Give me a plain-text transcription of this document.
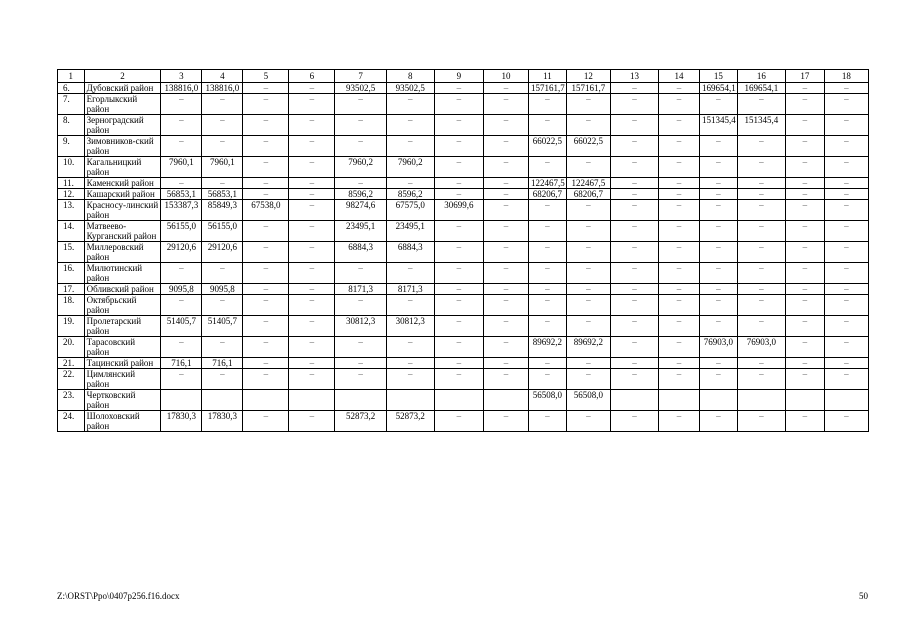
1	2	3	4	5	6	7	8	9	10	11	12	13	14	15	16	17	18
6.	Дубовский район	138816,0	138816,0	–	–	93502,5	93502,5	–	–	157161,7	157161,7	–	–	169654,1	169654,1	–	–
7.	Егорлыкский район	–	–	–	–	–	–	–	–	–	–	–	–	–	–	–	–
8.	Зерноградский район	–	–	–	–	–	–	–	–	–	–	–	–	151345,4	151345,4	–	–
9.	Зимовников-ский район	–	–	–	–	–	–	–	–	66022,5	66022,5	–	–	–	–	–	–
10.	Кагальницкий район	7960,1	7960,1	–	–	7960,2	7960,2	–	–	–	–	–	–	–	–	–	–
11.	Каменский район	–	–	–	–	–	–	–	–	122467,5	122467,5	–	–	–	–	–	–
12.	Кашарский район	56853,1	56853,1	–	–	8596,2	8596,2	–	–	68206,7	68206,7	–	–	–	–	–	–
13.	Красносу-линский район	153387,3	85849,3	67538,0	–	98274,6	67575,0	30699,6	–	–	–	–	–	–	–	–	–
14.	Матвеево-Курганский район	56155,0	56155,0	–	–	23495,1	23495,1	–	–	–	–	–	–	–	–	–	–
15.	Миллеровский район	29120,6	29120,6	–	–	6884,3	6884,3	–	–	–	–	–	–	–	–	–	–
16.	Милютинский район	–	–	–	–	–	–	–	–	–	–	–	–	–	–	–	–
17.	Обливский район	9095,8	9095,8	–	–	8171,3	8171,3	–	–	–	–	–	–	–	–	–	–
18.	Октябрьский район	–	–	–	–	–	–	–	–	–	–	–	–	–	–	–	–
19.	Пролетарский район	51405,7	51405,7	–	–	30812,3	30812,3	–	–	–	–	–	–	–	–	–	–
20.	Тарасовский район	–	–	–	–	–	–	–	–	89692,2	89692,2	–	–	76903,0	76903,0	–	–
21.	Тацинский район	716,1	716,1	–	–	–	–	–	–	–	–	–	–	–	–	–	–
22.	Цимлянский район	–	–	–	–	–	–	–	–	–	–	–	–	–	–	–	–
23.	Чертковский район									56508,0	56508,0						
24.	Шолоховский район	17830,3	17830,3	–	–	52873,2	52873,2	–	–	–	–	–	–	–	–	–	–
Z:\ORST\Ppo\0407p256.f16.docx	50
